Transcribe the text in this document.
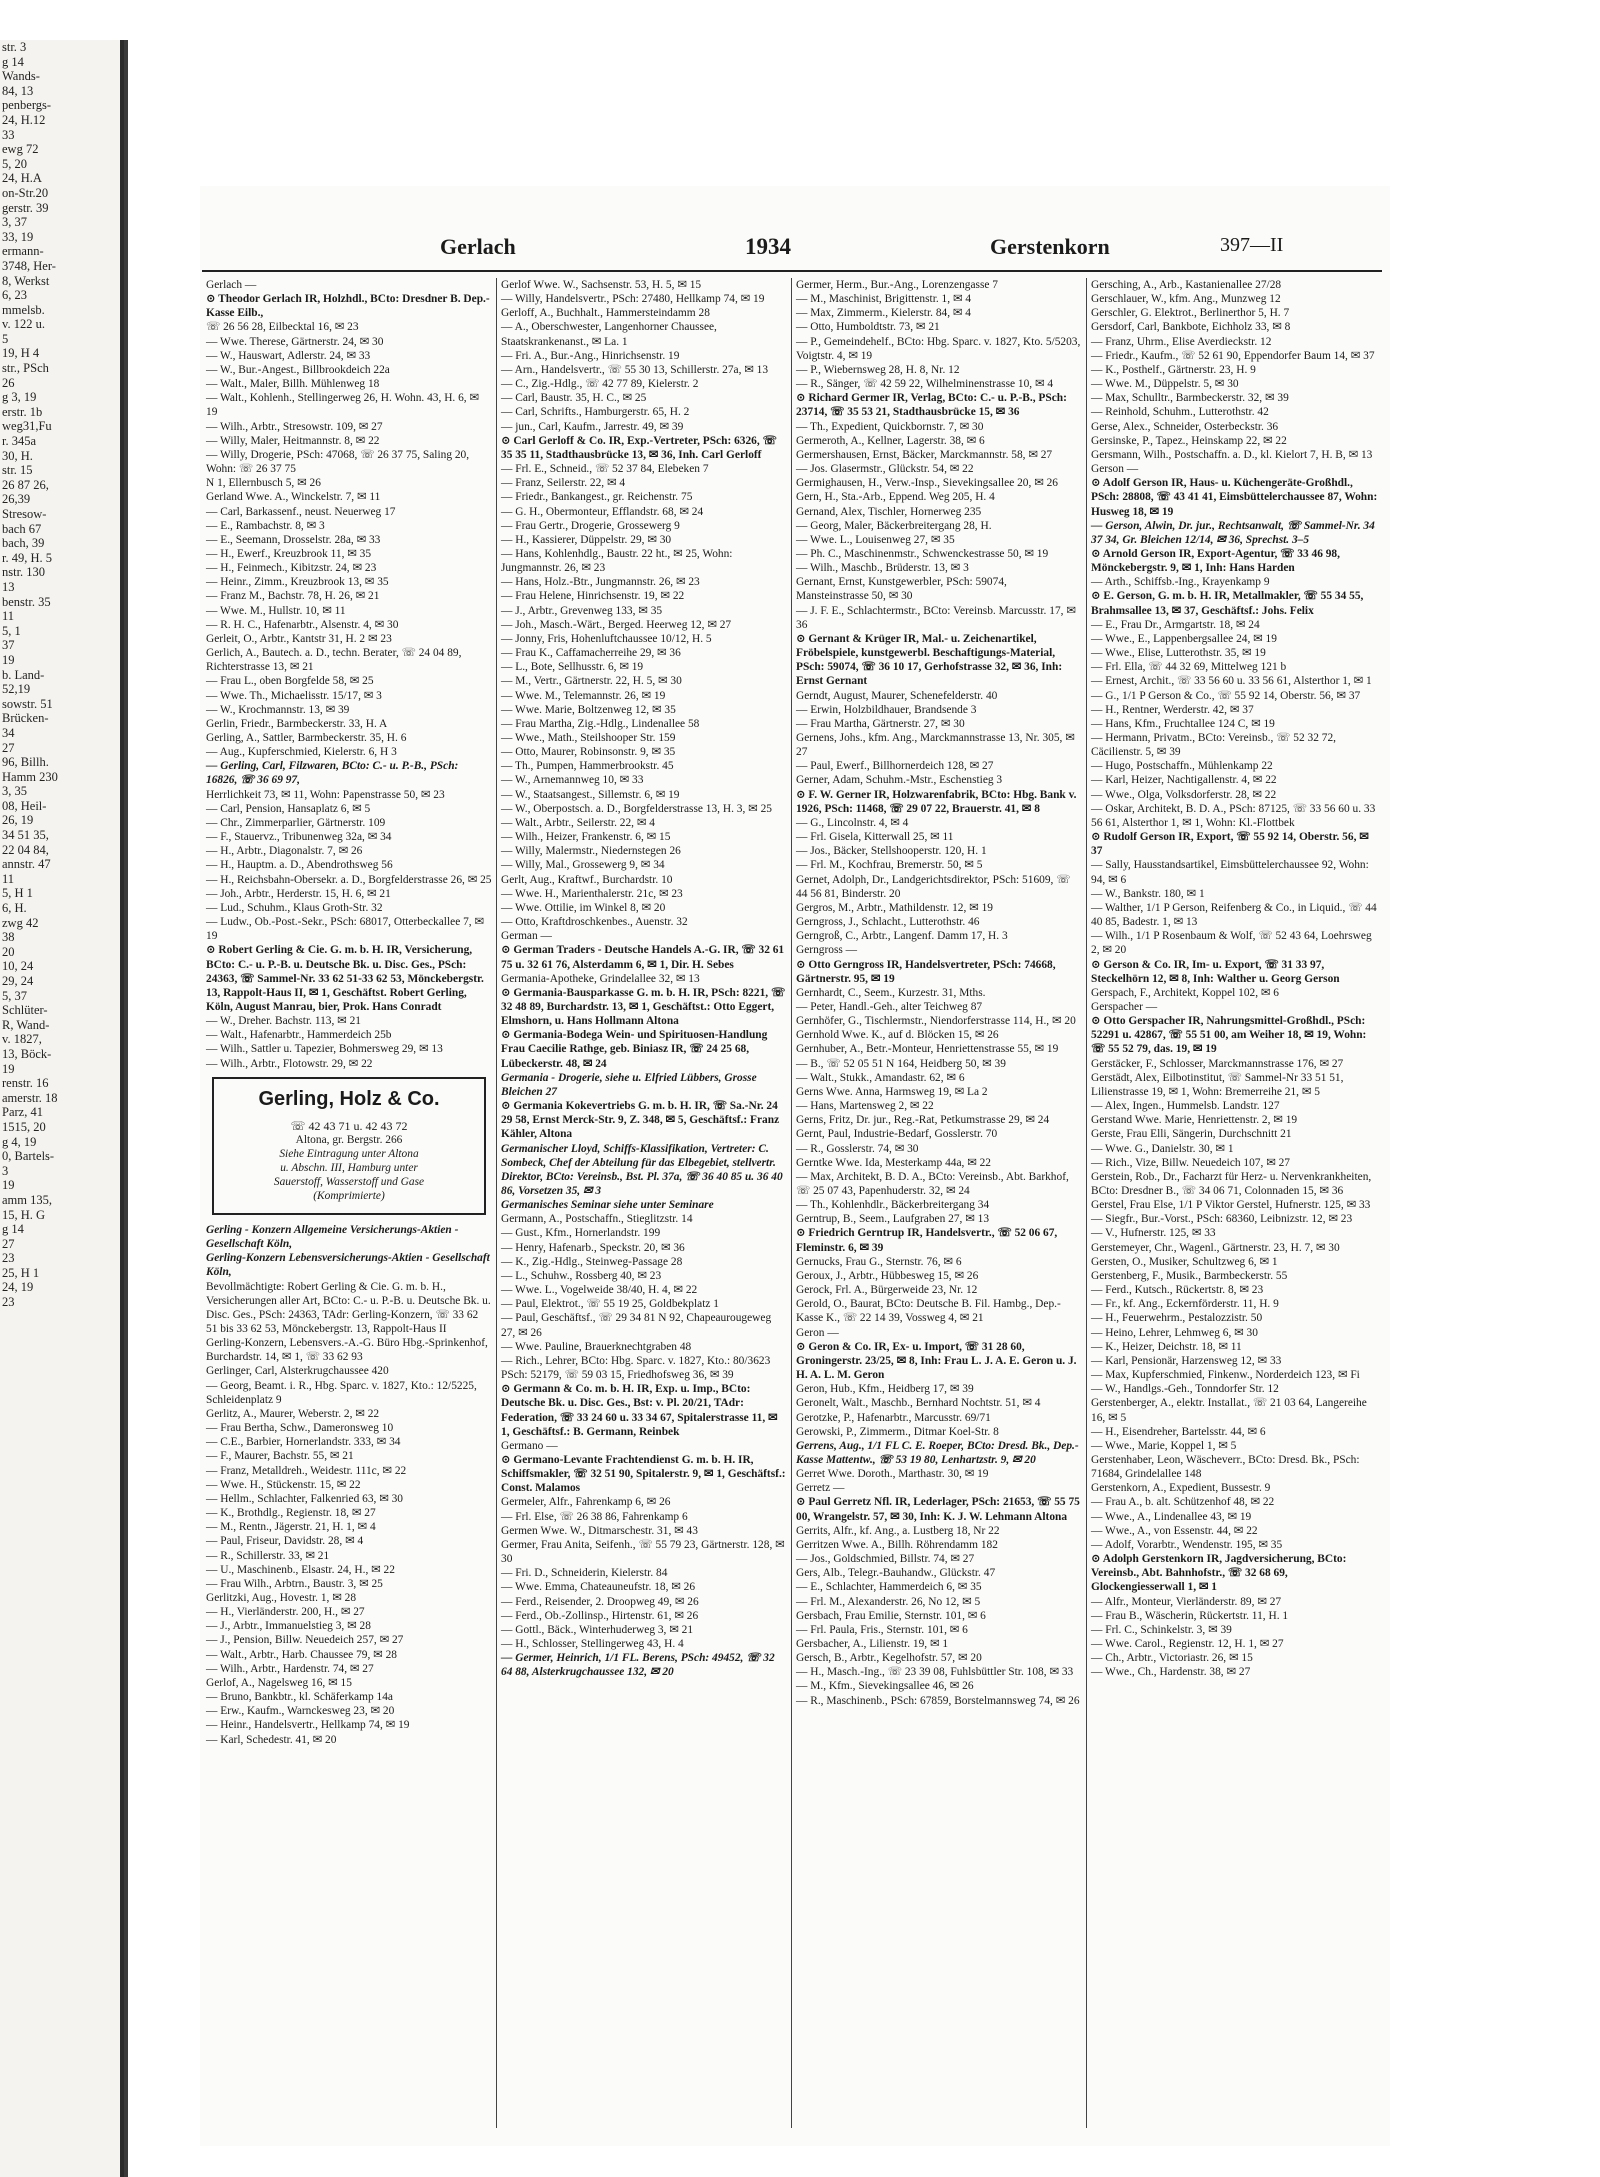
str. 3
g 14
Wands-
84, 13
penbergs-
24, H.12
33
ewg 72
5, 20
24, H.A
on-Str.20
gerstr. 39
3, 37
33, 19
ermann-
3748, Her-
8, Werkst
6, 23
mmelsb.
v. 122 u.
5
19, H 4
str., PSch
26
g 3, 19
erstr. 1b
weg31,Fu
r. 345a
30, H.
str. 15
26 87 26,
26,39
Stresow-
bach 67
bach, 39
r. 49, H. 5
nstr. 130
13
benstr. 35
11
5, 1
37
19
b. Land-
52,19
sowstr. 51
Brücken-
34
27
96, Billh.
Hamm 230
3, 35
08, Heil-
26, 19
34 51 35,
22 04 84,
annstr. 47
11
5, H 1
6, H.
zwg 42
38
20
10, 24
29, 24
5, 37
Schlüter-
R, Wand-
v. 1827,
13, Böck-
19
renstr. 16
amerstr. 18
Parz, 41
1515, 20
g 4, 19
0, Bartels-
3
19
amm 135,
15, H. G
g 14
27
23
25, H 1
24, 19
23
Gerlach	1934	Gerstenkorn	397—II
Gerlach —
⊙ Theodor Gerlach IR, Holzhdl., BCto: Dresdner B. Dep.-Kasse Eilb.,
☏ 26 56 28, Eilbecktal 16, ✉ 23
— Wwe. Therese, Gärtnerstr. 24, ✉ 30
— W., Hauswart, Adlerstr. 24, ✉ 33
— W., Bur.-Angest., Billbrookdeich 22a
— Walt., Maler, Billh. Mühlenweg 18
— Walt., Kohlenh., Stellingerweg 26, H. Wohn. 43, H. 6, ✉ 19
— Wilh., Arbtr., Stresowstr. 109, ✉ 27
— Willy, Maler, Heitmannstr. 8, ✉ 22
— Willy, Drogerie, PSch: 47068, ☏ 26 37 75, Saling 20, Wohn: ☏ 26 37 75
N 1, Ellernbusch 5, ✉ 26
Gerland Wwe. A., Winckelstr. 7, ✉ 11
— Carl, Barkassenf., neust. Neuerweg 17
— E., Rambachstr. 8, ✉ 3
— E., Seemann, Drosselstr. 28a, ✉ 33
— H., Ewerf., Kreuzbrook 11, ✉ 35
— H., Feinmech., Kibitzstr. 24, ✉ 23
— Heinr., Zimm., Kreuzbrook 13, ✉ 35
— Franz M., Bachstr. 78, H. 26, ✉ 21
— Wwe. M., Hullstr. 10, ✉ 11
— R. H. C., Hafenarbtr., Alsenstr. 4, ✉ 30
Gerleit, O., Arbtr., Kantstr 31, H. 2 ✉ 23
Gerlich, A., Bautech. a. D., techn. Berater, ☏ 24 04 89, Richterstrasse 13, ✉ 21
— Frau L., oben Borgfelde 58, ✉ 25
— Wwe. Th., Michaelisstr. 15/17, ✉ 3
— W., Krochmannstr. 13, ✉ 39
Gerlin, Friedr., Barmbeckerstr. 33, H. A
Gerling, A., Sattler, Barmbeckerstr. 35, H. 6
— Aug., Kupferschmied, Kielerstr. 6, H 3
— Gerling, Carl, Filzwaren, BCto: C.- u. P.-B., PSch: 16826, ☏ 36 69 97,
Herrlichkeit 73, ✉ 11, Wohn: Papenstrasse 50, ✉ 23
— Carl, Pension, Hansaplatz 6, ✉ 5
— Chr., Zimmerparlier, Gärtnerstr. 109
— F., Stauervz., Tribunenweg 32a, ✉ 34
— H., Arbtr., Diagonalstr. 7, ✉ 26
— H., Hauptm. a. D., Abendrothsweg 56
— H., Reichsbahn-Obersekr. a. D., Borgfelderstrasse 26, ✉ 25
— Joh., Arbtr., Herderstr. 15, H. 6, ✉ 21
— Lud., Schuhm., Klaus Groth-Str. 32
— Ludw., Ob.-Post.-Sekr., PSch: 68017, Otterbeckallee 7, ✉ 19
⊙ Robert Gerling & Cie. G. m. b. H. IR, Versicherung, BCto: C.- u. P.-B. u. Deutsche Bk. u. Disc. Ges., PSch: 24363, ☏ Sammel-Nr. 33 62 51-33 62 53, Mönckebergstr. 13, Rappolt-Haus II, ✉ 1, Geschäftst. Robert Gerling, Köln, August Manrau, bier, Prok. Hans Conradt
— W., Dreher. Bachstr. 113, ✉ 21
— Walt., Hafenarbtr., Hammerdeich 25b
— Wilh., Sattler u. Tapezier, Bohmersweg 29, ✉ 13
— Wilh., Arbtr., Flotowstr. 29, ✉ 22
Gerling, Holz & Co.
☏ 42 43 71 u. 42 43 72
Altona, gr. Bergstr. 266
Siehe Eintragung unter Altona
u. Abschn. III, Hamburg unter
Sauerstoff, Wasserstoff und Gase
(Komprimierte)
Gerling - Konzern Allgemeine Versicherungs-Aktien - Gesellschaft Köln,
Gerling-Konzern Lebensversicherungs-Aktien - Gesellschaft Köln,
Bevollmächtigte: Robert Gerling & Cie. G. m. b. H., Versicherungen aller Art, BCto: C.- u. P.-B. u. Deutsche Bk. u. Disc. Ges., PSch: 24363, TAdr: Gerling-Konzern, ☏ 33 62 51 bis 33 62 53, Mönckebergstr. 13, Rappolt-Haus II
Gerling-Konzern, Lebensvers.-A.-G. Büro Hbg.-Sprinkenhof, Burchardstr. 14, ✉ 1, ☏ 33 62 93
Gerlinger, Carl, Alsterkrugchaussee 420
— Georg, Beamt. i. R., Hbg. Sparc. v. 1827, Kto.: 12/5225, Schleidenplatz 9
Gerlitz, A., Maurer, Weberstr. 2, ✉ 22
— Frau Bertha, Schw., Dameronsweg 10
— C.E., Barbier, Hornerlandstr. 333, ✉ 34
— F., Maurer, Bachstr. 55, ✉ 21
— Franz, Metalldreh., Weidestr. 111c, ✉ 22
— Wwe. H., Stückenstr. 15, ✉ 22
— Hellm., Schlachter, Falkenried 63, ✉ 30
— K., Brothdlg., Regienstr. 18, ✉ 27
— M., Rentn., Jägerstr. 21, H. 1, ✉ 4
— Paul, Friseur, Davidstr. 28, ✉ 4
— R., Schillerstr. 33, ✉ 21
— U., Maschinenb., Elsastr. 24, H., ✉ 22
— Frau Wilh., Arbtrn., Baustr. 3, ✉ 25
Gerlitzki, Aug., Hovestr. 1, ✉ 28
— H., Vierländerstr. 200, H., ✉ 27
— J., Arbtr., Immanuelstieg 3, ✉ 28
— J., Pension, Billw. Neuedeich 257, ✉ 27
— Walt., Arbtr., Harb. Chaussee 79, ✉ 28
— Wilh., Arbtr., Hardenstr. 74, ✉ 27
Gerlof, A., Nagelsweg 16, ✉ 15
— Bruno, Bankbtr., kl. Schäferkamp 14a
— Erw., Kaufm., Warnckesweg 23, ✉ 20
— Heinr., Handelsvertr., Hellkamp 74, ✉ 19
— Karl, Schedestr. 41, ✉ 20
Gerlof Wwe. W., Sachsenstr. 53, H. 5, ✉ 15
— Willy, Handelsvertr., PSch: 27480, Hellkamp 74, ✉ 19
Gerloff, A., Buchhalt., Hammersteindamm 28
— A., Oberschwester, Langenhorner Chaussee, Staatskrankenanst., ✉ La. 1
— Fri. A., Bur.-Ang., Hinrichsenstr. 19
— Arn., Handelsvertr., ☏ 55 30 13, Schillerstr. 27a, ✉ 13
— C., Zig.-Hdlg., ☏ 42 77 89, Kielerstr. 2
— Carl, Baustr. 35, H. C., ✉ 25
— Carl, Schrifts., Hamburgerstr. 65, H. 2
— jun., Carl, Kaufm., Jarrestr. 49, ✉ 39
⊙ Carl Gerloff & Co. IR, Exp.-Vertreter, PSch: 6326, ☏ 35 35 11, Stadthausbrücke 13, ✉ 36, Inh. Carl Gerloff
— Frl. E., Schneid., ☏ 52 37 84, Elebeken 7
— Franz, Seilerstr. 22, ✉ 4
— Friedr., Bankangest., gr. Reichenstr. 75
— G. H., Obermonteur, Efflandstr. 68, ✉ 24
— Frau Gertr., Drogerie, Grossewerg 9
— H., Kassierer, Düppelstr. 29, ✉ 30
— Hans, Kohlenhdlg., Baustr. 22 ht., ✉ 25, Wohn: Jungmannstr. 26, ✉ 23
— Hans, Holz.-Btr., Jungmannstr. 26, ✉ 23
— Frau Helene, Hinrichsenstr. 19, ✉ 22
— J., Arbtr., Grevenweg 133, ✉ 35
— Joh., Masch.-Wärt., Berged. Heerweg 12, ✉ 27
— Jonny, Fris, Hohenluftchaussee 10/12, H. 5
— Frau K., Caffamacherreihe 29, ✉ 36
— L., Bote, Sellhusstr. 6, ✉ 19
— M., Vertr., Gärtnerstr. 22, H. 5, ✉ 30
— Wwe. M., Telemannstr. 26, ✉ 19
— Wwe. Marie, Boltzenweg 12, ✉ 35
— Frau Martha, Zig.-Hdlg., Lindenallee 58
— Wwe., Math., Steilshooper Str. 159
— Otto, Maurer, Robinsonstr. 9, ✉ 35
— Th., Pumpen, Hammerbrookstr. 45
— W., Arnemannweg 10, ✉ 33
— W., Staatsangest., Sillemstr. 6, ✉ 19
— W., Oberpostsch. a. D., Borgfelderstrasse 13, H. 3, ✉ 25
— Walt., Arbtr., Seilerstr. 22, ✉ 4
— Wilh., Heizer, Frankenstr. 6, ✉ 15
— Willy, Malermstr., Niedernstegen 26
— Willy, Mal., Grossewerg 9, ✉ 34
Gerlt, Aug., Kraftwf., Burchardstr. 10
— Wwe. H., Marienthalerstr. 21c, ✉ 23
— Wwe. Ottilie, im Winkel 8, ✉ 20
— Otto, Kraftdroschkenbes., Auenstr. 32
German —
⊙ German Traders - Deutsche Handels A.-G. IR, ☏ 32 61 75 u. 32 61 76, Alsterdamm 6, ✉ 1, Dir. H. Sebes
Germania-Apotheke, Grindelallee 32, ✉ 13
⊙ Germania-Bausparkasse G. m. b. H. IR, PSch: 8221, ☏ 32 48 89, Burchardstr. 13, ✉ 1, Geschäftst.: Otto Eggert, Elmshorn, u. Hans Hollmann Altona
⊙ Germania-Bodega Wein- und Spirituosen-Handlung Frau Caecilie Rathge, geb. Biniasz IR, ☏ 24 25 68, Lübeckerstr. 48, ✉ 24
Germania - Drogerie, siehe u. Elfried Lübbers, Grosse Bleichen 27
⊙ Germania Kokevertriebs G. m. b. H. IR, ☏ Sa.-Nr. 24 29 58, Ernst Merck-Str. 9, Z. 348, ✉ 5, Geschäftsf.: Franz Kähler, Altona
Germanischer Lloyd, Schiffs-Klassifikation, Vertreter: C. Sombeck, Chef der Abteilung für das Elbegebiet, stellvertr. Direktor, BCto: Vereinsb., Bst. Pl. 37a, ☏ 36 40 85 u. 36 40 86, Vorsetzen 35, ✉ 3
Germanisches Seminar siehe unter Seminare
Germann, A., Postschaffn., Stieglitzstr. 14
— Gust., Kfm., Hornerlandstr. 199
— Henry, Hafenarb., Speckstr. 20, ✉ 36
— K., Zig.-Hdlg., Steinweg-Passage 28
— L., Schuhw., Rossberg 40, ✉ 23
— Wwe. L., Vogelweide 38/40, H. 4, ✉ 22
— Paul, Elektrot., ☏ 55 19 25, Goldbekplatz 1
— Paul, Geschäftsf., ☏ 29 34 81 N 92, Chapeaurougeweg 27, ✉ 26
— Wwe. Pauline, Brauerknechtgraben 48
— Rich., Lehrer, BCto: Hbg. Sparc. v. 1827, Kto.: 80/3623 PSch: 52179, ☏ 59 03 15, Friedhofsweg 36, ✉ 39
⊙ Germann & Co. m. b. H. IR, Exp. u. Imp., BCto: Deutsche Bk. u. Disc. Ges., Bst: v. Pl. 20/21, TAdr: Federation, ☏ 33 24 60 u. 33 34 67, Spitalerstrasse 11, ✉ 1, Geschäftsf.: B. Germann, Reinbek
Germano —
⊙ Germano-Levante Frachtendienst G. m. b. H. IR, Schiffsmakler, ☏ 32 51 90, Spitalerstr. 9, ✉ 1, Geschäftsf.: Const. Malamos
Germeler, Alfr., Fahrenkamp 6, ✉ 26
— Frl. Else, ☏ 26 38 86, Fahrenkamp 6
Germen Wwe. W., Ditmarschestr. 31, ✉ 43
Germer, Frau Anita, Seifenh., ☏ 55 79 23, Gärtnerstr. 128, ✉ 30
— Fri. D., Schneiderin, Kielerstr. 84
— Wwe. Emma, Chateauneufstr. 18, ✉ 26
— Ferd., Reisender, 2. Droopweg 49, ✉ 26
— Ferd., Ob.-Zollinsp., Hirtenstr. 61, ✉ 26
— Gottl., Bäck., Winterhuderweg 3, ✉ 21
— H., Schlosser, Stellingerweg 43, H. 4
— Germer, Heinrich, 1/1 FL. Berens, PSch: 49452, ☏ 32 64 88, Alsterkrugchaussee 132, ✉ 20
Germer, Herm., Bur.-Ang., Lorenzengasse 7
— M., Maschinist, Brigittenstr. 1, ✉ 4
— Max, Zimmerm., Kielerstr. 84, ✉ 4
— Otto, Humboldtstr. 73, ✉ 21
— P., Gemeindehelf., BCto: Hbg. Sparc. v. 1827, Kto. 5/5203, Voigtstr. 4, ✉ 19
— P., Wiebernsweg 28, H. 8, Nr. 12
— R., Sänger, ☏ 42 59 22, Wilhelminenstrasse 10, ✉ 4
⊙ Richard Germer IR, Verlag, BCto: C.- u. P.-B., PSch: 23714, ☏ 35 53 21, Stadthausbrücke 15, ✉ 36
— Th., Expedient, Quickbornstr. 7, ✉ 30
Germeroth, A., Kellner, Lagerstr. 38, ✉ 6
Germershausen, Ernst, Bäcker, Marckmannstr. 58, ✉ 27
— Jos. Glasermstr., Glückstr. 54, ✉ 22
Germighausen, H., Verw.-Insp., Sievekingsallee 20, ✉ 26
Gern, H., Sta.-Arb., Eppend. Weg 205, H. 4
Gernand, Alex, Tischler, Hornerweg 235
— Georg, Maler, Bäckerbreitergang 28, H.
— Wwe. L., Louisenweg 27, ✉ 35
— Ph. C., Maschinenmstr., Schwenckestrasse 50, ✉ 19
— Wilh., Maschb., Brüderstr. 13, ✉ 3
Gernant, Ernst, Kunstgewerbler, PSch: 59074, Mansteinstrasse 50, ✉ 30
— J. F. E., Schlachtermstr., BCto: Vereinsb. Marcusstr. 17, ✉ 36
⊙ Gernant & Krüger IR, Mal.- u. Zeichenartikel, Fröbelspiele, kunstgewerbl. Beschaftigungs-Material, PSch: 59074, ☏ 36 10 17, Gerhofstrasse 32, ✉ 36, Inh: Ernst Gernant
Gerndt, August, Maurer, Schenefelderstr. 40
— Erwin, Holzbildhauer, Brandsende 3
— Frau Martha, Gärtnerstr. 27, ✉ 30
Gernens, Johs., kfm. Ang., Marckmannstrasse 13, Nr. 305, ✉ 27
— Paul, Ewerf., Billhornerdeich 128, ✉ 27
Gerner, Adam, Schuhm.-Mstr., Eschenstieg 3
⊙ F. W. Gerner IR, Holzwarenfabrik, BCto: Hbg. Bank v. 1926, PSch: 11468, ☏ 29 07 22, Brauerstr. 41, ✉ 8
— G., Lincolnstr. 4, ✉ 4
— Frl. Gisela, Kitterwall 25, ✉ 11
— Jos., Bäcker, Stellshooperstr. 120, H. 1
— Frl. M., Kochfrau, Bremerstr. 50, ✉ 5
Gernet, Adolph, Dr., Landgerichtsdirektor, PSch: 51609, ☏ 44 56 81, Binderstr. 20
Gergros, M., Arbtr., Mathildenstr. 12, ✉ 19
Gerngross, J., Schlacht., Lutterothstr. 46
Gerngroß, C., Arbtr., Langenf. Damm 17, H. 3
Gerngross —
⊙ Otto Gerngross IR, Handelsvertreter, PSch: 74668, Gärtnerstr. 95, ✉ 19
Gernhardt, C., Seem., Kurzestr. 31, Mths.
— Peter, Handl.-Geh., alter Teichweg 87
Gernhöfer, G., Tischlermstr., Niendorferstrasse 114, H., ✉ 20
Gernhold Wwe. K., auf d. Blöcken 15, ✉ 26
Gernhuber, A., Betr.-Monteur, Henriettenstrasse 55, ✉ 19
— B., ☏ 52 05 51 N 164, Heidberg 50, ✉ 39
— Walt., Stukk., Amandastr. 62, ✉ 6
Gerns Wwe. Anna, Harmsweg 19, ✉ La 2
— Hans, Martensweg 2, ✉ 22
Gerns, Fritz, Dr. jur., Reg.-Rat, Petkumstrasse 29, ✉ 24
Gernt, Paul, Industrie-Bedarf, Gosslerstr. 70
— R., Gosslerstr. 74, ✉ 30
Gerntke Wwe. Ida, Mesterkamp 44a, ✉ 22
— Max, Architekt, B. D. A., BCto: Vereinsb., Abt. Barkhof, ☏ 25 07 43, Papenhuderstr. 32, ✉ 24
— Th., Kohlenhdlr., Bäckerbreitergang 34
Gerntrup, B., Seem., Laufgraben 27, ✉ 13
⊙ Friedrich Gerntrup IR, Handelsvertr., ☏ 52 06 67, Fleminstr. 6, ✉ 39
Gernucks, Frau G., Sternstr. 76, ✉ 6
Geroux, J., Arbtr., Hübbesweg 15, ✉ 26
Gerock, Frl. A., Bürgerweide 23, Nr. 12
Gerold, O., Baurat, BCto: Deutsche B. Fil. Hambg., Dep.-Kasse K., ☏ 22 14 39, Vossweg 4, ✉ 21
Geron —
⊙ Geron & Co. IR, Ex- u. Import, ☏ 31 28 60, Groningerstr. 23/25, ✉ 8, Inh: Frau L. J. A. E. Geron u. J. H. A. L. M. Geron
Geron, Hub., Kfm., Heidberg 17, ✉ 39
Geronelt, Walt., Maschb., Bernhard Nochtstr. 51, ✉ 4
Gerotzke, P., Hafenarbtr., Marcusstr. 69/71
Gerowski, P., Zimmerm., Ditmar Koel-Str. 8
Gerrens, Aug., 1/1 FL C. E. Roeper, BCto: Dresd. Bk., Dep.-Kasse Mattentw., ☏ 53 19 80, Lenhartzstr. 9, ✉ 20
Gerret Wwe. Doroth., Marthastr. 30, ✉ 19
Gerretz —
⊙ Paul Gerretz Nfl. IR, Lederlager, PSch: 21653, ☏ 55 75 00, Wrangelstr. 57, ✉ 30, Inh: K. J. W. Lehmann Altona
Gerrits, Alfr., kf. Ang., a. Lustberg 18, Nr 22
Gerritzen Wwe. A., Billh. Röhrendamm 182
— Jos., Goldschmied, Billstr. 74, ✉ 27
Gers, Alb., Telegr.-Bauhandw., Glückstr. 47
— E., Schlachter, Hammerdeich 6, ✉ 35
— Frl. M., Alexanderstr. 26, No 12, ✉ 5
Gersbach, Frau Emilie, Sternstr. 101, ✉ 6
— Frl. Paula, Fris., Sternstr. 101, ✉ 6
Gersbacher, A., Lilienstr. 19, ✉ 1
Gersch, B., Arbtr., Kegelhofstr. 57, ✉ 20
— H., Masch.-Ing., ☏ 23 39 08, Fuhlsbüttler Str. 108, ✉ 33
— M., Kfm., Sievekingsallee 46, ✉ 26
— R., Maschinenb., PSch: 67859, Borstelmannsweg 74, ✉ 26
Gersching, A., Arb., Kastanienallee 27/28
Gerschlauer, W., kfm. Ang., Munzweg 12
Gerschler, G. Elektrot., Berlinerthor 5, H. 7
Gersdorf, Carl, Bankbote, Eichholz 33, ✉ 8
— Franz, Uhrm., Elise Averdieckstr. 12
— Friedr., Kaufm., ☏ 52 61 90, Eppendorfer Baum 14, ✉ 37
— K., Posthelf., Gärtnerstr. 23, H. 9
— Wwe. M., Düppelstr. 5, ✉ 30
— Max, Schulltr., Barmbeckerstr. 32, ✉ 39
— Reinhold, Schuhm., Lutterothstr. 42
Gerse, Alex., Schneider, Osterbeckstr. 36
Gersinske, P., Tapez., Heinskamp 22, ✉ 22
Gersmann, Wilh., Postschaffn. a. D., kl. Kielort 7, H. B, ✉ 13
Gerson —
⊙ Adolf Gerson IR, Haus- u. Küchengeräte-Großhdl., PSch: 28808, ☏ 43 41 41, Eimsbüttelerchaussee 87, Wohn: Husweg 18, ✉ 19
— Gerson, Alwin, Dr. jur., Rechtsanwalt, ☏ Sammel-Nr. 34 37 34, Gr. Bleichen 12/14, ✉ 36, Sprechst. 3–5
⊙ Arnold Gerson IR, Export-Agentur, ☏ 33 46 98, Mönckebergstr. 9, ✉ 1, Inh: Hans Harden
— Arth., Schiffsb.-Ing., Krayenkamp 9
⊙ E. Gerson, G. m. b. H. IR, Metallmakler, ☏ 55 34 55, Brahmsallee 13, ✉ 37, Geschäftsf.: Johs. Felix
— E., Frau Dr., Armgartstr. 18, ✉ 24
— Wwe., E., Lappenbergsallee 24, ✉ 19
— Wwe., Elise, Lutterothstr. 35, ✉ 19
— Frl. Ella, ☏ 44 32 69, Mittelweg 121 b
— Ernest, Archit., ☏ 33 56 60 u. 33 56 61, Alsterthor 1, ✉ 1
— G., 1/1 P Gerson & Co., ☏ 55 92 14, Oberstr. 56, ✉ 37
— H., Rentner, Werderstr. 42, ✉ 37
— Hans, Kfm., Fruchtallee 124 C, ✉ 19
— Hermann, Privatm., BCto: Vereinsb., ☏ 52 32 72, Cäcilienstr. 5, ✉ 39
— Hugo, Postschaffn., Mühlenkamp 22
— Karl, Heizer, Nachtigallenstr. 4, ✉ 22
— Wwe., Olga, Volksdorferstr. 28, ✉ 22
— Oskar, Architekt, B. D. A., PSch: 87125, ☏ 33 56 60 u. 33 56 61, Alsterthor 1, ✉ 1, Wohn: Kl.-Flottbek
⊙ Rudolf Gerson IR, Export, ☏ 55 92 14, Oberstr. 56, ✉ 37
— Sally, Hausstandsartikel, Eimsbüttelerchaussee 92, Wohn: 94, ✉ 6
— W., Bankstr. 180, ✉ 1
— Walther, 1/1 P Gerson, Reifenberg & Co., in Liquid., ☏ 44 40 85, Badestr. 1, ✉ 13
— Wilh., 1/1 P Rosenbaum & Wolf, ☏ 52 43 64, Loehrsweg 2, ✉ 20
⊙ Gerson & Co. IR, Im- u. Export, ☏ 31 33 97, Steckelhörn 12, ✉ 8, Inh: Walther u. Georg Gerson
Gerspach, F., Architekt, Koppel 102, ✉ 6
Gerspacher —
⊙ Otto Gerspacher IR, Nahrungsmittel-Großhdl., PSch: 52291 u. 42867, ☏ 55 51 00, am Weiher 18, ✉ 19, Wohn: ☏ 55 52 79, das. 19, ✉ 19
Gerstäcker, F., Schlosser, Marckmannstrasse 176, ✉ 27
Gerstädt, Alex, Eilbotinstitut, ☏ Sammel-Nr 33 51 51, Lilienstrasse 19, ✉ 1, Wohn: Bremerreihe 21, ✉ 5
— Alex, Ingen., Hummelsb. Landstr. 127
Gerstand Wwe. Marie, Henriettenstr. 2, ✉ 19
Gerste, Frau Elli, Sängerin, Durchschnitt 21
— Wwe. G., Danielstr. 30, ✉ 1
— Rich., Vize, Billw. Neuedeich 107, ✉ 27
Gerstein, Rob., Dr., Facharzt für Herz- u. Nervenkrankheiten, BCto: Dresdner B., ☏ 34 06 71, Colonnaden 15, ✉ 36
Gerstel, Frau Else, 1/1 P Viktor Gerstel, Hufnerstr. 125, ✉ 33
— Siegfr., Bur.-Vorst., PSch: 68360, Leibnizstr. 12, ✉ 23
— V., Hufnerstr. 125, ✉ 33
Gerstemeyer, Chr., Wagenl., Gärtnerstr. 23, H. 7, ✉ 30
Gersten, O., Musiker, Schultzweg 6, ✉ 1
Gerstenberg, F., Musik., Barmbeckerstr. 55
— Ferd., Kutsch., Rückertstr. 8, ✉ 23
— Fr., kf. Ang., Eckernförderstr. 11, H. 9
— H., Feuerwehrm., Pestalozzistr. 50
— Heino, Lehrer, Lehmweg 6, ✉ 30
— K., Heizer, Deichstr. 18, ✉ 11
— Karl, Pensionär, Harzensweg 12, ✉ 33
— Max, Kupferschmied, Finkenw., Norderdeich 123, ✉ Fi
— W., Handlgs.-Geh., Tonndorfer Str. 12
Gerstenberger, A., elektr. Installat., ☏ 21 03 64, Langereihe 16, ✉ 5
— H., Eisendreher, Bartelsstr. 44, ✉ 6
— Wwe., Marie, Koppel 1, ✉ 5
Gerstenhaber, Leon, Wäscheverr., BCto: Dresd. Bk., PSch: 71684, Grindelallee 148
Gerstenkorn, A., Expedient, Bussestr. 9
— Frau A., b. alt. Schützenhof 48, ✉ 22
— Wwe., A., Lindenallee 43, ✉ 19
— Wwe., A., von Essenstr. 44, ✉ 22
— Adolf, Vorarbtr., Wendenstr. 195, ✉ 35
⊙ Adolph Gerstenkorn IR, Jagdversicherung, BCto: Vereinsb., Abt. Bahnhofstr., ☏ 32 68 69, Glockengiesserwall 1, ✉ 1
— Alfr., Monteur, Vierländerstr. 89, ✉ 27
— Frau B., Wäscherin, Rückertstr. 11, H. 1
— Frl. C., Schinkelstr. 3, ✉ 39
— Wwe. Carol., Regienstr. 12, H. 1, ✉ 27
— Ch., Arbtr., Victoriastr. 26, ✉ 15
— Wwe., Ch., Hardenstr. 38, ✉ 27
